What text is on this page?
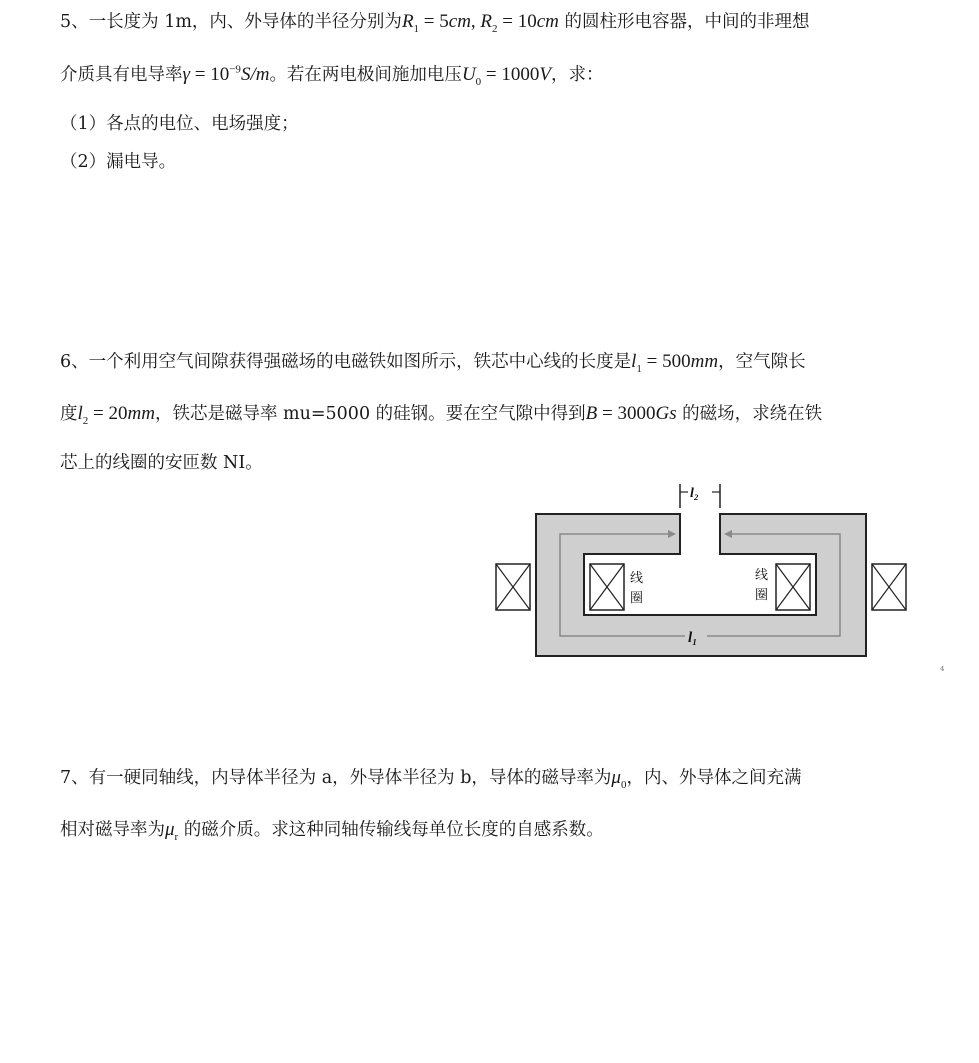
5、一长度为 1m，内、外导体的半径分别为$R_1 = 5cm$, $R_2 = 10cm$ 的圆柱形电容器，中间的非理想
介质具有电导率$\gamma = 10^{-9}S/m$。若在两电极间施加电压$U_0 = 1000V$，求：
（1）各点的电位、电场强度；
（2）漏电导。
6、一个利用空气间隙获得强磁场的电磁铁如图所示，铁芯中心线的长度是$l_1 = 500mm$，空气隙长
度$l_2 = 20mm$，铁芯是磁导率 mu=5000 的硅钢。要在空气隙中得到B = 3000Gs 的磁场，求绕在铁
芯上的线圈的安匝数 NI。
l₁
l₂
线
圈
线
圈
⁴
7、有一硬同轴线，内导体半径为 a，外导体半径为 b，导体的磁导率为$\mu_0$，内、外导体之间充满
相对磁导率为$\mu_r$ 的磁介质。求这种同轴传输线每单位长度的自感系数。
